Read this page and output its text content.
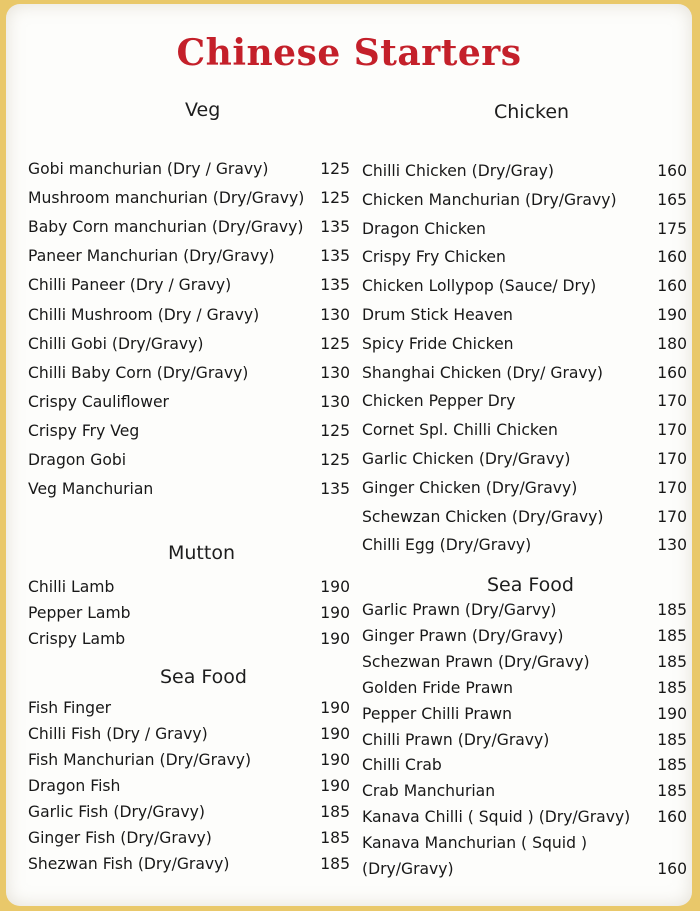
Chinese Starters
Veg
Gobi manchurian (Dry / Gravy)	125
Mushroom manchurian (Dry/Gravy) 125
Baby Corn manchurian (Dry/Gravy) 135
Paneer Manchurian (Dry/Gravy)	135
Chilli Paneer (Dry / Gravy)	135
Chilli Mushroom (Dry / Gravy)	130
Chilli Gobi (Dry/Gravy)	125
Chilli Baby Corn (Dry/Gravy)	130
Crispy Cauliflower	130
Crispy Fry Veg	125
Dragon Gobi	125
Veg Manchurian	135
Mutton
Chilli Lamb	190
Pepper Lamb	190
Crispy Lamb	190
Sea Food
Fish Finger	190
Chilli Fish (Dry / Gravy)	190
Fish Manchurian (Dry/Gravy)	190
Dragon Fish	190
Garlic Fish (Dry/Gravy)	185
Ginger Fish (Dry/Gravy)	185
Shezwan Fish (Dry/Gravy)	185
Chicken
Chilli Chicken (Dry/Gray)	160
Chicken Manchurian (Dry/Gravy)	165
Dragon Chicken	175
Crispy Fry Chicken	160
Chicken Lollypop (Sauce/ Dry)	160
Drum Stick Heaven	190
Spicy Fride Chicken	180
Shanghai Chicken (Dry/ Gravy)	160
Chicken Pepper Dry	170
Cornet Spl. Chilli Chicken	170
Garlic Chicken (Dry/Gravy)	170
Ginger Chicken (Dry/Gravy)	170
Schewzan Chicken (Dry/Gravy)	170
Chilli Egg (Dry/Gravy)	130
Sea Food
Garlic Prawn (Dry/Garvy)	185
Ginger Prawn (Dry/Gravy)	185
Schezwan Prawn (Dry/Gravy)	185
Golden Fride Prawn	185
Pepper Chilli Prawn	190
Chilli Prawn (Dry/Gravy)	185
Chilli Crab	185
Crab Manchurian	185
Kanava Chilli ( Squid ) (Dry/Gravy) 160
Kanava Manchurian ( Squid )
(Dry/Gravy)	160
